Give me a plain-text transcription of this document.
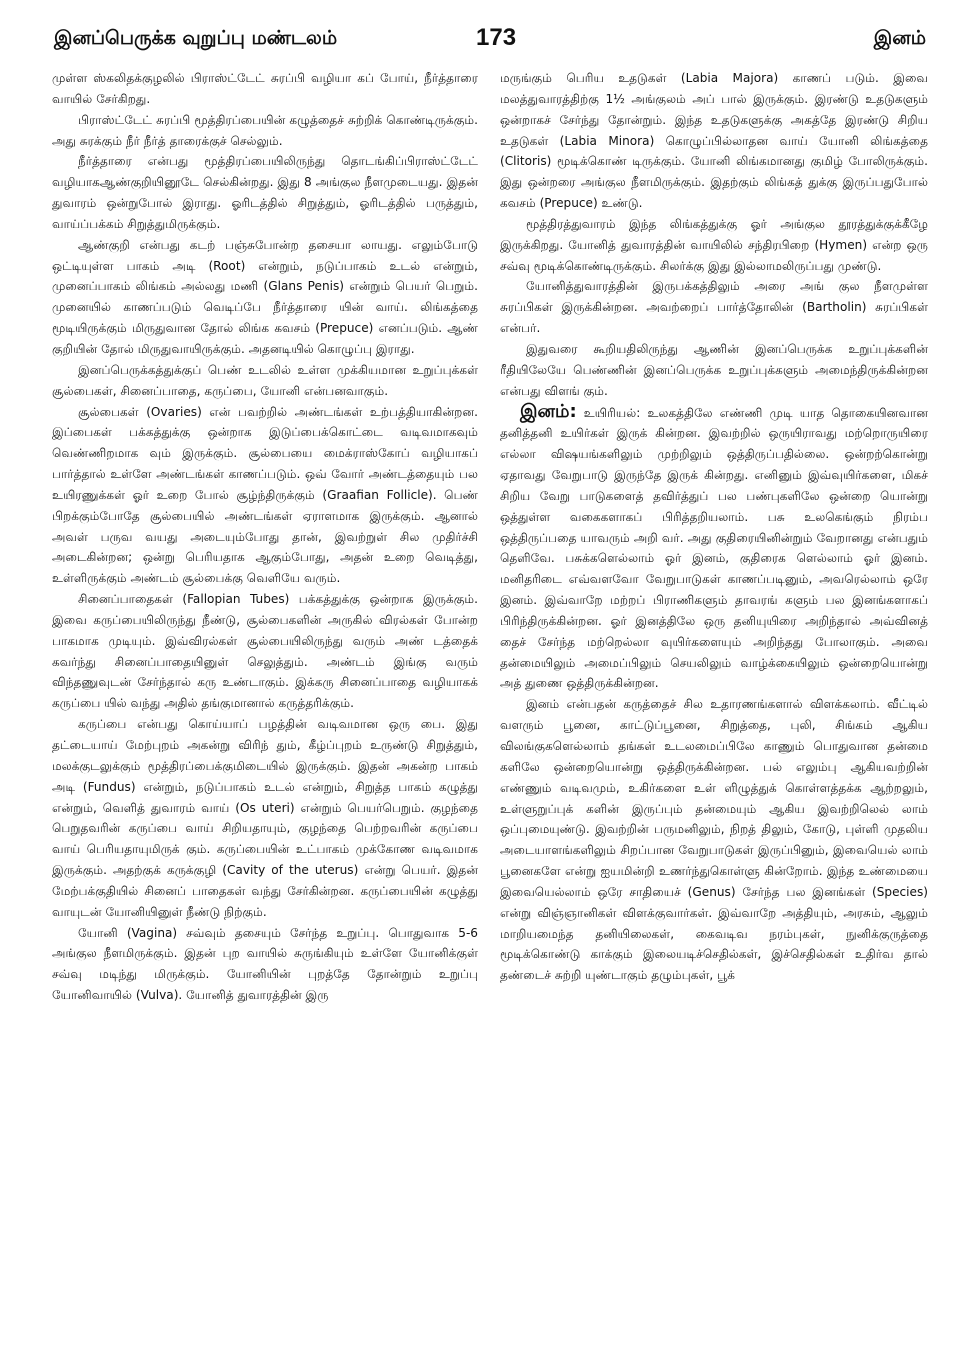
இனப்பெருக்க வுறுப்பு மண்டலம்	173	இனம்

முள்ள ஸ்கலிதக்குழலில் பிராஸ்ட்டேட் சுரப்பி வழியா கப் போய், நீர்த்தாரை வாயில் சேர்கிறது.

பிராஸ்ட்டேட் சுரப்பி மூத்திரப்பையின் கழுத்தைச் சுற்றிக் கொண்டிருக்கும். அது சுரக்கும் நீர் நீர்த் தாரைக்குச் செல்லும்.

நீர்த்தாரை என்பது மூத்திரப்பையிலிருந்து தொடங்கிப்பிராஸ்ட்டேட் வழியாகஆண்குறியினூடே செல்கின்றது. இது 8 அங்குல நீளமுடையது. இதன் துவாரம் ஒன்றுபோல் இராது. ஓரிடத்தில் சிறுத்தும், ஓரிடத்தில் பருத்தும், வாய்ப்பக்கம் சிறுத்துமிருக்கும்.

ஆண்குறி என்பது கடற் பஞ்சுபோன்ற தசையா லாயது. எலும்போடு ஒட்டியுள்ள பாகம் அடி (Root) என்றும், நடுப்பாகம் உடல் என்றும், முனைப்பாகம் லிங்கம் அல்லது மணி (Glans Penis) என்றும் பெயர் பெறும். முனையில் காணப்படும் வெடிப்பே நீர்த்தாரை யின் வாய். லிங்கத்தை மூடியிருக்கும் மிருதுவான தோல் லிங்க கவசம் (Prepuce) எனப்படும். ஆண் குறியின் தோல் மிருதுவாயிருக்கும். அதனடியில் கொழுப்பு இராது.

இனப்பெருக்கத்துக்குப் பெண் உடலில் உள்ள முக்கியமான உறுப்புக்கள் சூல்பைகள், சினைப்பாதை, கருப்பை, யோனி என்பனவாகும்.

சூல்பைகள் (Ovaries) என் பவற்றில் அண்டங்கள் உற்பத்தியாகின்றன. இப்பைகள் பக்கத்துக்கு ஒன்றாக இடுப்பைக்கொட்டை வடிவமாகவும் வெண்ணிறமாக வும் இருக்கும். சூல்பையை மைக்ராஸ்கோப் வழியாகப் பார்த்தால் உள்ளே அண்டங்கள் காணப்படும். ஒவ் வோர் அண்டத்தையும் பல உயிரணுக்கள் ஓர் உறை போல் சூழ்ந்திருக்கும் (Graafian Follicle). பெண் பிறக்கும்போதே சூல்பையில் அண்டங்கள் ஏராளமாக இருக்கும். ஆனால் அவள் பருவ வயது அடையும்போது தான், இவற்றுள் சில முதிர்ச்சி அடைகின்றன; ஒன்று பெரியதாக ஆகும்போது, அதன் உறை வெடித்து, உள்ளிருக்கும் அண்டம் சூல்பைக்கு வெளியே வரும்.

சினைப்பாதைகள் (Fallopian Tubes) பக்கத்துக்கு ஒன்றாக இருக்கும். இவை கருப்பையிலிருந்து நீண்டு, சூல்பைகளின் அருகில் விரல்கள் போன்ற பாகமாக முடியும். இவ்விரல்கள் சூல்பையிலிருந்து வரும் அண் டத்தைக் கவர்ந்து சினைப்பாதையினுள் செலுத்தும். அண்டம் இங்கு வரும் விந்தணுவுடன் சேர்ந்தால் கரு உண்டாகும். இக்கரு சினைப்பாதை வழியாகக் கருப்பை யில் வந்து அதில் தங்குமானால் கருத்தரிக்கும்.

கருப்பை என்பது கொய்யாப் பழத்தின் வடிவமான ஒரு பை. இது தட்டையாய் மேற்புறம் அகன்று விரிந் தும், கீழ்ப்புறம் உருண்டு சிறுத்தும், மலக்குடலுக்கும் மூத்திரப்பைக்குமிடையில் இருக்கும். இதன் அகன்ற பாகம் அடி (Fundus) என்றும், நடுப்பாகம் உடல் என்றும், சிறுத்த பாகம் கழுத்து என்றும், வெளித் துவாரம் வாய் (Os uteri) என்றும் பெயர்பெறும். குழந்தை பெறுதவரின் கருப்பை வாய் சிறியதாயும், குழந்தை பெற்றவரின் கருப்பை வாய் பெரியதாயுமிருக் கும். கருப்பையின் உட்பாகம் முக்கோண வடிவமாக இருக்கும். அதற்குக் கருக்குழி (Cavity of the uterus) என்று பெயர். இதன் மேற்பக்குதியில் சினைப் பாதைகள் வந்து சேர்கின்றன. கருப்பையின் கழுத்து வாயுடன் யோனியினுள் நீண்டு நிற்கும்.

யோனி (Vagina) சவ்வும் தசையும் சேர்ந்த உறுப்பு. பொதுவாக 5-6 அங்குல நீளமிருக்கும். இதன் புற வாயில் சுருங்கியும் உள்ளே யோனிக்குள் சவ்வு மடிந்து மிருக்கும். யோனியின் புறத்தே தோன்றும் உறுப்பு யோனிவாயில் (Vulva). யோனித் துவாரத்தின் இரு

மருங்கும் பெரிய உதடுகள் (Labia Majora) காணப் படும். இவை மலத்துவாரத்திற்கு 1½ அங்குலம் அப் பால் இருக்கும். இரண்டு உதடுகளும் ஒன்றாகச் சேர்ந்து தோன்றும். இந்த உதடுகளுக்கு அகத்தே இரண்டு சிறிய உதடுகள் (Labia Minora) கொழுப்பில்லாதன வாய் யோனி லிங்கத்தை (Clitoris) மூடிக்கொண் டிருக்கும். யோனி லிங்கமானது குமிழ் போலிருக்கும். இது ஒன்றரை அங்குல நீளமிருக்கும். இதற்கும் லிங்கத் துக்கு இருப்பதுபோல் கவசம் (Prepuce) உண்டு.

மூத்திரத்துவாரம் இந்த லிங்கத்துக்கு ஓர் அங்குல தூரத்துக்குக்கீழே இருக்கிறது. யோனித் துவாரத்தின் வாயிலில் சந்திரபிறை (Hymen) என்ற ஒரு சவ்வு மூடிக்கொண்டிருக்கும். சிலர்க்கு இது இல்லாமலிருப்பது முண்டு.

யோனித்துவாரத்தின் இருபக்கத்திலும் அரை அங் குல நீளமுள்ள சுரப்பிகள் இருக்கின்றன. அவற்றைப் பார்த்தோலின் (Bartholin) சுரப்பிகள் என்பர்.

இதுவரை கூறியதிலிருந்து ஆணின் இனப்பெருக்க உறுப்புக்களின் ரீதியிலேயே பெண்ணின் இனப்பெருக்க உறுப்புக்களும் அமைந்திருக்கின்றன என்பது விளங் கும்.

இனம்: உயிரியல்: உலகத்திலே எண்ணி முடி யாத தொகையினவான தனித்தனி உயிர்கள் இருக் கின்றன. இவற்றில் ஒருயிராவது மற்றொருயிரை எல்லா விஷயங்களிலும் முற்றிலும் ஒத்திருப்பதில்லை. ஒன்றற்கொன்று ஏதாவது வேறுபாடு இருந்தே இருக் கின்றது. எனினும் இவ்வுயிர்களை, மிகச் சிறிய வேறு பாடுகளைத் தவிர்த்துப் பல பண்புகளிலே ஒன்றை யொன்று ஒத்துள்ள வகைகளாகப் பிரித்தறியலாம். பசு உலகெங்கும் நிரம்ப ஒத்திருப்பதை யாவரும் அறி வர். அது குதிரையினின்றும் வேறானது என்பதும் தெளிவே. பசுக்களெல்லாம் ஓர் இனம், குதிரைக ளெல்லாம் ஓர் இனம். மனிதரிடை எவ்வளவோ வேறுபாடுகள் காணப்படினும், அவரெல்லாம் ஒரே இனம். இவ்வாறே மற்றப் பிராணிகளும் தாவரங் களும் பல இனங்களாகப் பிரிந்திருக்கின்றன. ஓர் இனத்திலே ஒரு தனியுயிரை அறிந்தால் அவ்வினத் தைச் சேர்ந்த மற்றெல்லா வுயிர்களையும் அறிந்தது போலாகும். அவை தன்மையிலும் அமைப்பிலும் செயலிலும் வாழ்க்கையிலும் ஒன்றையொன்று அத் துணை ஒத்திருக்கின்றன.

இனம் என்பதன் கருத்தைச் சில உதாரணங்களால் விளக்கலாம். வீட்டில் வளரும் பூனை, காட்டுப்பூனை, சிறுத்தை, புலி, சிங்கம் ஆகிய விலங்குகளெல்லாம் தங்கள் உடலமைப்பிலே காணும் பொதுவான தன்மை களிலே ஒன்றையொன்று ஒத்திருக்கின்றன. பல் எலும்பு ஆகியவற்றின் எண்ணும் வடிவமும், உகிர்களை உள் ளிழுத்துக் கொள்ளத்தக்க ஆற்றலும், உள்ளுறுப்புக் களின் இருப்பும் தன்மையும் ஆகிய இவற்றிலெல் லாம் ஒப்புமையுண்டு. இவற்றின் பருமனிலும், நிறத் திலும், கோடு, புள்ளி முதலிய அடையாளங்களிலும் சிறப்பான வேறுபாடுகள் இருப்பினும், இவையெல் லாம் பூனைகளே என்று ஐயமின்றி உணர்ந்துகொள்ளு கின்றோம். இந்த உண்மையை இவையெல்லாம் ஒரே சாதியைச் (Genus) சேர்ந்த பல இனங்கள் (Species) என்று விஞ்ஞானிகள் விளக்குவார்கள். இவ்வாறே அத்தியும், அரசும், ஆலும் மாறியமைந்த தனியிலைகள், கைவடிவ நரம்புகள், நுனிக்குருத்தை மூடிக்கொண்டு காக்கும் இலையடிச்செதில்கள், இச்செதில்கள் உதிர்வ தால் தண்டைச் சுற்றி யுண்டாகும் தழும்புகள், பூக்
